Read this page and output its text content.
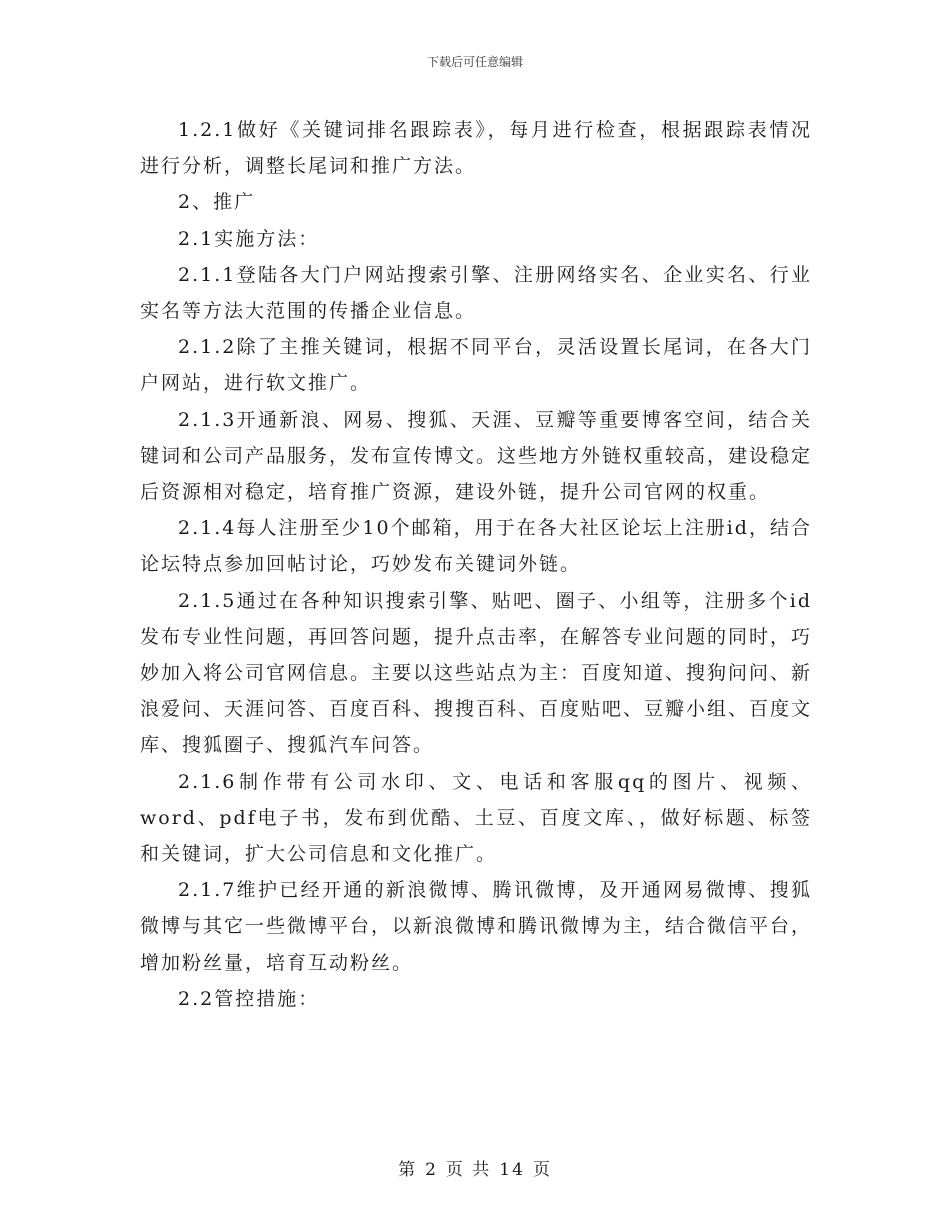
下载后可任意编辑

1.2.1做好《关键词排名跟踪表》，每月进行检查，根据跟踪表情况进行分析，调整长尾词和推广方法。

2、推广

2.1实施方法：

2.1.1登陆各大门户网站搜索引擎、注册网络实名、企业实名、行业实名等方法大范围的传播企业信息。

2.1.2除了主推关键词，根据不同平台，灵活设置长尾词，在各大门户网站，进行软文推广。

2.1.3开通新浪、网易、搜狐、天涯、豆瓣等重要博客空间，结合关键词和公司产品服务，发布宣传博文。这些地方外链权重较高，建设稳定后资源相对稳定，培育推广资源，建设外链，提升公司官网的权重。

2.1.4每人注册至少10个邮箱，用于在各大社区论坛上注册id，结合论坛特点参加回帖讨论，巧妙发布关键词外链。

2.1.5通过在各种知识搜索引擎、贴吧、圈子、小组等，注册多个id发布专业性问题，再回答问题，提升点击率，在解答专业问题的同时，巧妙加入将公司官网信息。主要以这些站点为主：百度知道、搜狗问问、新浪爱问、天涯问答、百度百科、搜搜百科、百度贴吧、豆瓣小组、百度文库、搜狐圈子、搜狐汽车问答。

2.1.6制作带有公司水印、文、电话和客服qq的图片、视频、word、pdf电子书，发布到优酷、土豆、百度文库、，做好标题、标签和关键词，扩大公司信息和文化推广。

2.1.7维护已经开通的新浪微博、腾讯微博，及开通网易微博、搜狐微博与其它一些微博平台，以新浪微博和腾讯微博为主，结合微信平台，增加粉丝量，培育互动粉丝。

2.2管控措施：

第 2 页 共 14 页
